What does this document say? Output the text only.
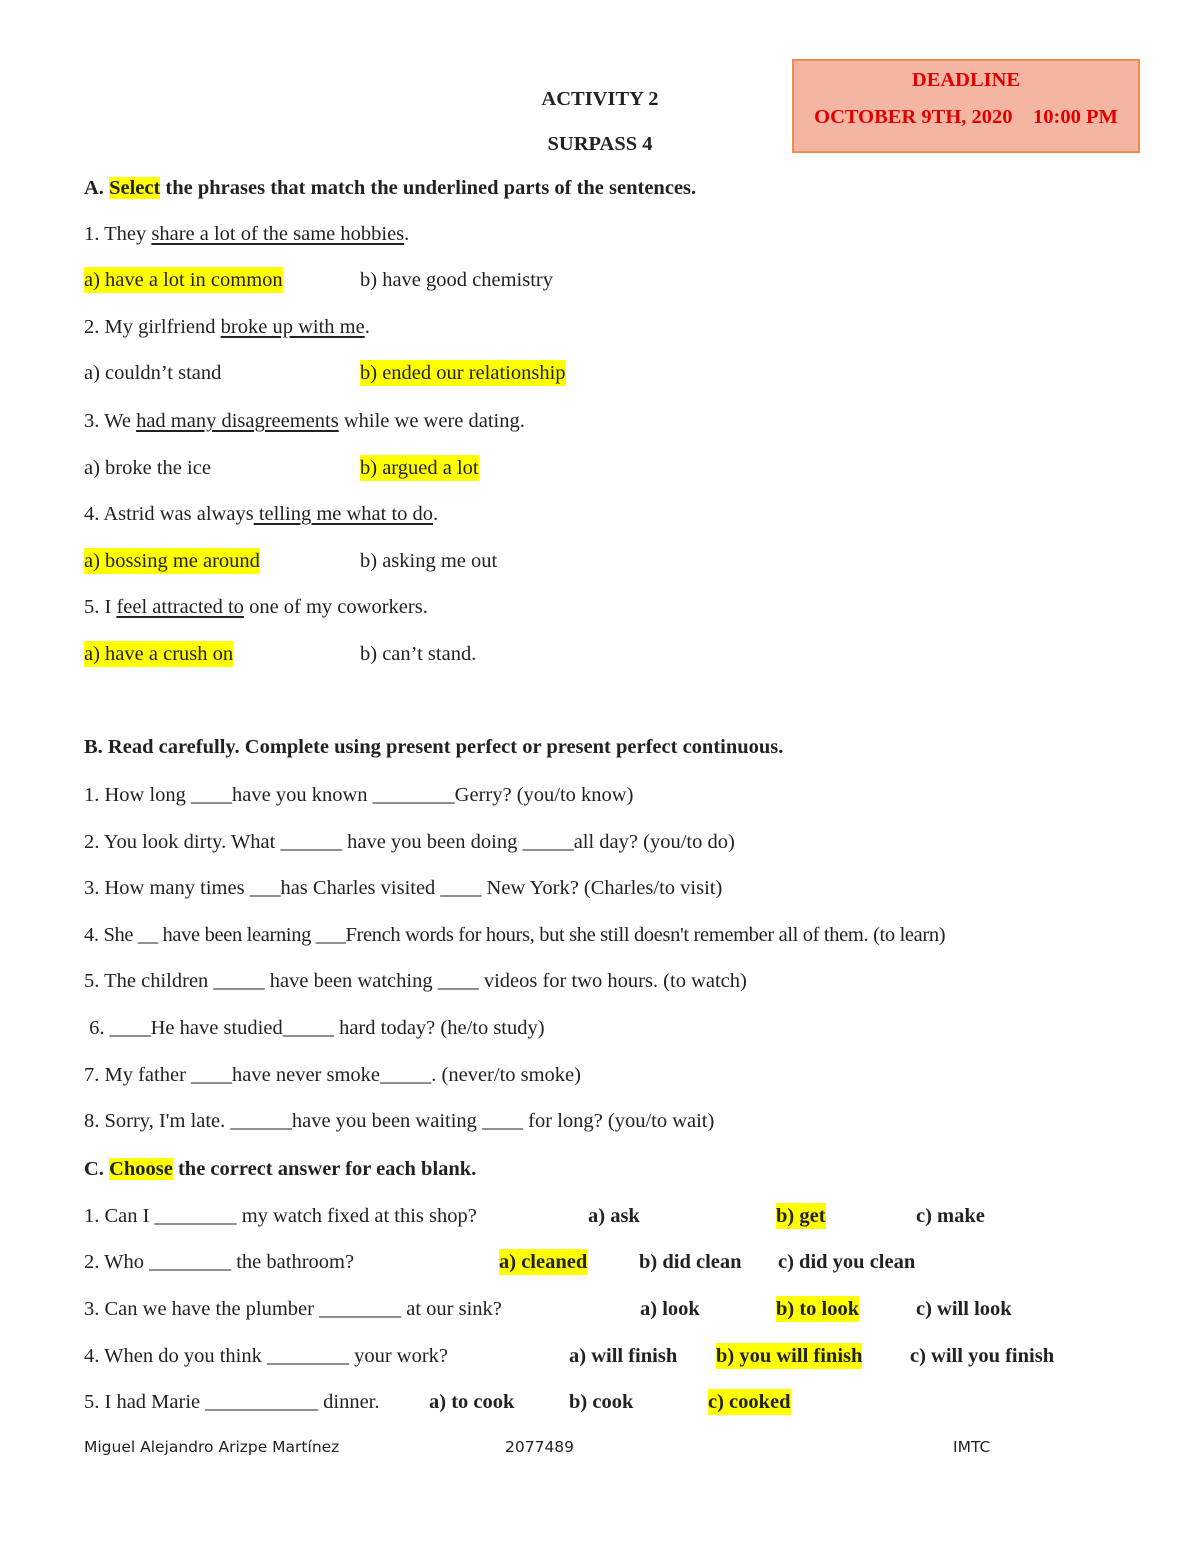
DEADLINE
OCTOBER 9TH, 2020 10:00 PM
ACTIVITY 2
SURPASS 4
A. Select the phrases that match the underlined parts of the sentences.
1. They share a lot of the same hobbies.
a) have a lot in common	b) have good chemistry
2. My girlfriend broke up with me.
a) couldn’t stand	b) ended our relationship
3. We had many disagreements while we were dating.
a) broke the ice	b) argued a lot
4. Astrid was always telling me what to do.
a) bossing me around	b) asking me out
5. I feel attracted to one of my coworkers.
a) have a crush on	b) can’t stand.
B. Read carefully. Complete using present perfect or present perfect continuous.
1. How long ____have you known ________Gerry? (you/to know)
2. You look dirty. What ______ have you been doing _____all day? (you/to do)
3. How many times ___has Charles visited ____ New York? (Charles/to visit)
4. She __ have been learning ___French words for hours, but she still doesn't remember all of them. (to learn)
5. The children _____ have been watching ____ videos for two hours. (to watch)
6. ____He have studied_____ hard today? (he/to study)
7. My father ____have never smoke_____. (never/to smoke)
8. Sorry, I'm late. ______have you been waiting ____ for long? (you/to wait)
C. Choose the correct answer for each blank.
1. Can I ________ my watch fixed at this shop?	a) ask	b) get	c) make
2. Who ________ the bathroom?	a) cleaned	b) did clean c) did you clean
3. Can we have the plumber ________ at our sink?	a) look	b) to look	c) will look
4. When do you think ________ your work?	a) will finish b) you will finish c) will you finish
5. I had Marie ___________ dinner. a) to cook	b) cook	c) cooked
Miguel Alejandro Arizpe Martínez	2077489	IMTC
